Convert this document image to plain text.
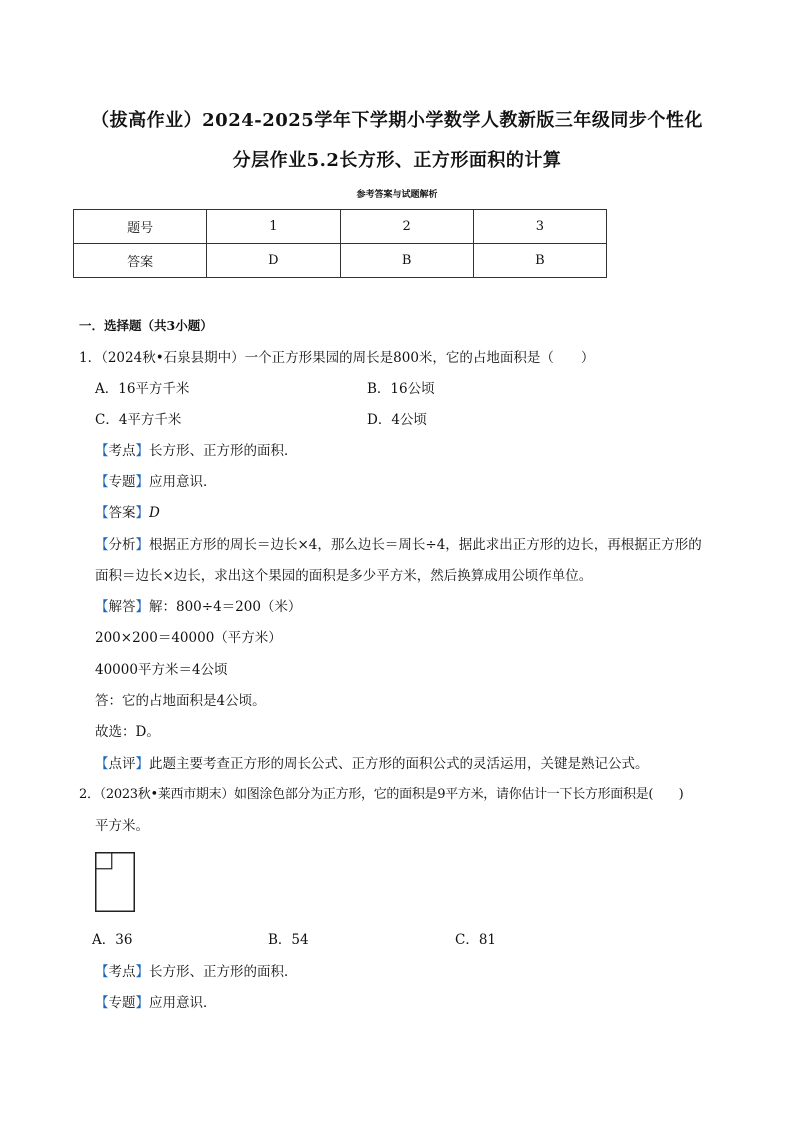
（拔高作业）2024-2025学年下学期小学数学人教新版三年级同步个性化
分层作业5.2长方形、正方形面积的计算
参考答案与试题解析
题号	1	2	3
答案	D	B	B
一．选择题（共3小题）
1．（2024秋•石泉县期中）一个正方形果园的周长是800米，它的占地面积是（　　）
A．16平方千米	B．16公顷
C．4平方千米	D．4公顷
【考点】长方形、正方形的面积．
【专题】应用意识．
【答案】D
【分析】根据正方形的周长＝边长×4，那么边长＝周长÷4，据此求出正方形的边长，再根据正方形的
面积＝边长×边长，求出这个果园的面积是多少平方米，然后换算成用公顷作单位。
【解答】解：800÷4＝200（米）
200×200＝40000（平方米）
40000平方米＝4公顷
答：它的占地面积是4公顷。
故选：D。
【点评】此题主要考查正方形的周长公式、正方形的面积公式的灵活运用，关键是熟记公式。
2．（2023秋•莱西市期末）如图涂色部分为正方形，它的面积是9平方米，请你估计一下长方形面积是(　　)
平方米。
A．36	B．54	C．81
【考点】长方形、正方形的面积．
【专题】应用意识．
